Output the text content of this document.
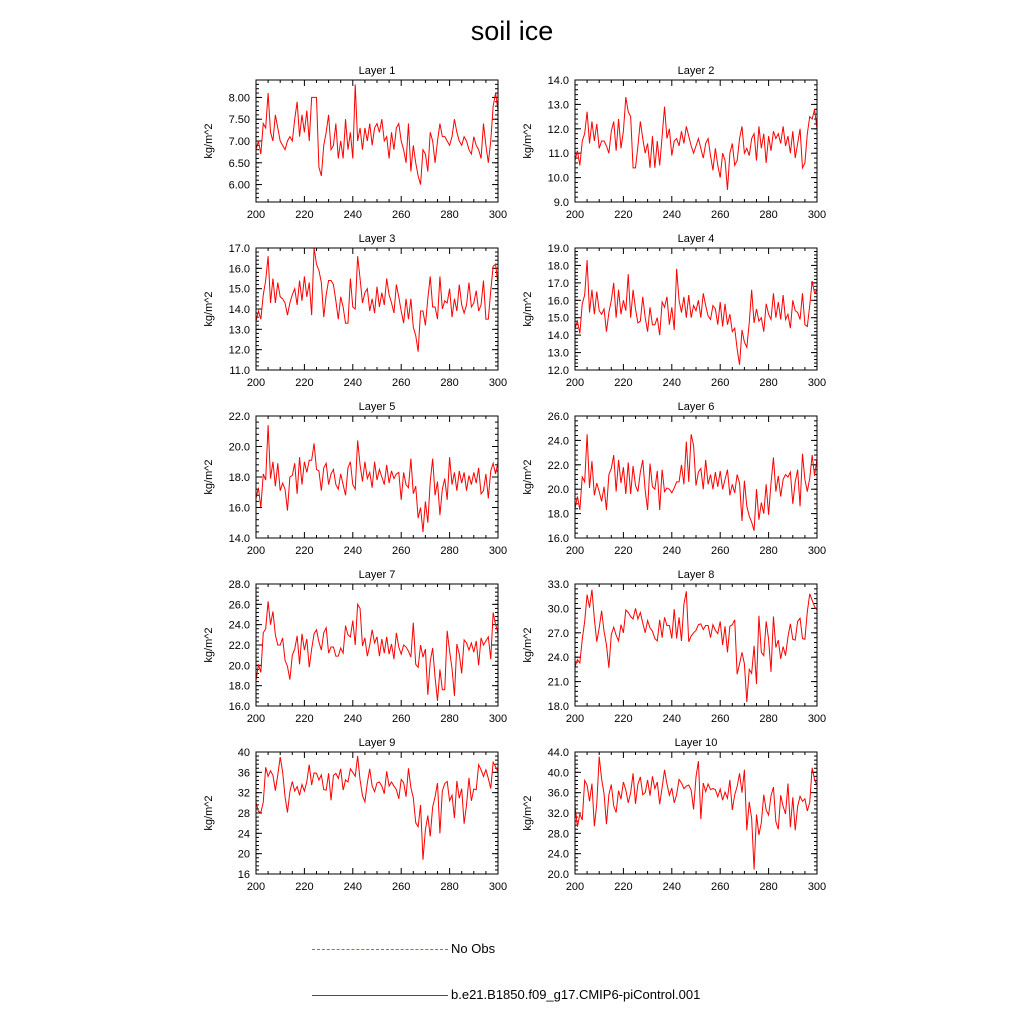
soil ice
Layer 1
kg/m^2
200	220	240	260	280	300
6.00
6.50
7.00
7.50
8.00
Layer 2
kg/m^2
200	220	240	260	280	300
9.0
10.0
11.0
12.0
13.0
14.0
Layer 3
kg/m^2
200	220	240	260	280	300
11.0
12.0
13.0
14.0
15.0
16.0
17.0
Layer 4
kg/m^2
200	220	240	260	280	300
12.0
13.0
14.0
15.0
16.0
17.0
18.0
19.0
Layer 5
kg/m^2
200	220	240	260	280	300
14.0
16.0
18.0
20.0
22.0
Layer 6
kg/m^2
200	220	240	260	280	300
16.0
18.0
20.0
22.0
24.0
26.0
Layer 7
kg/m^2
200	220	240	260	280	300
16.0
18.0
20.0
22.0
24.0
26.0
28.0
Layer 8
kg/m^2
200	220	240	260	280	300
18.0
21.0
24.0
27.0
30.0
33.0
Layer 9
kg/m^2
200	220	240	260	280	300
16
20
24
28
32
36
40
Layer 10
kg/m^2
200	220	240	260	280	300
20.0
24.0
28.0
32.0
36.0
40.0
44.0
No Obs
b.e21.B1850.f09_g17.CMIP6-piControl.001
